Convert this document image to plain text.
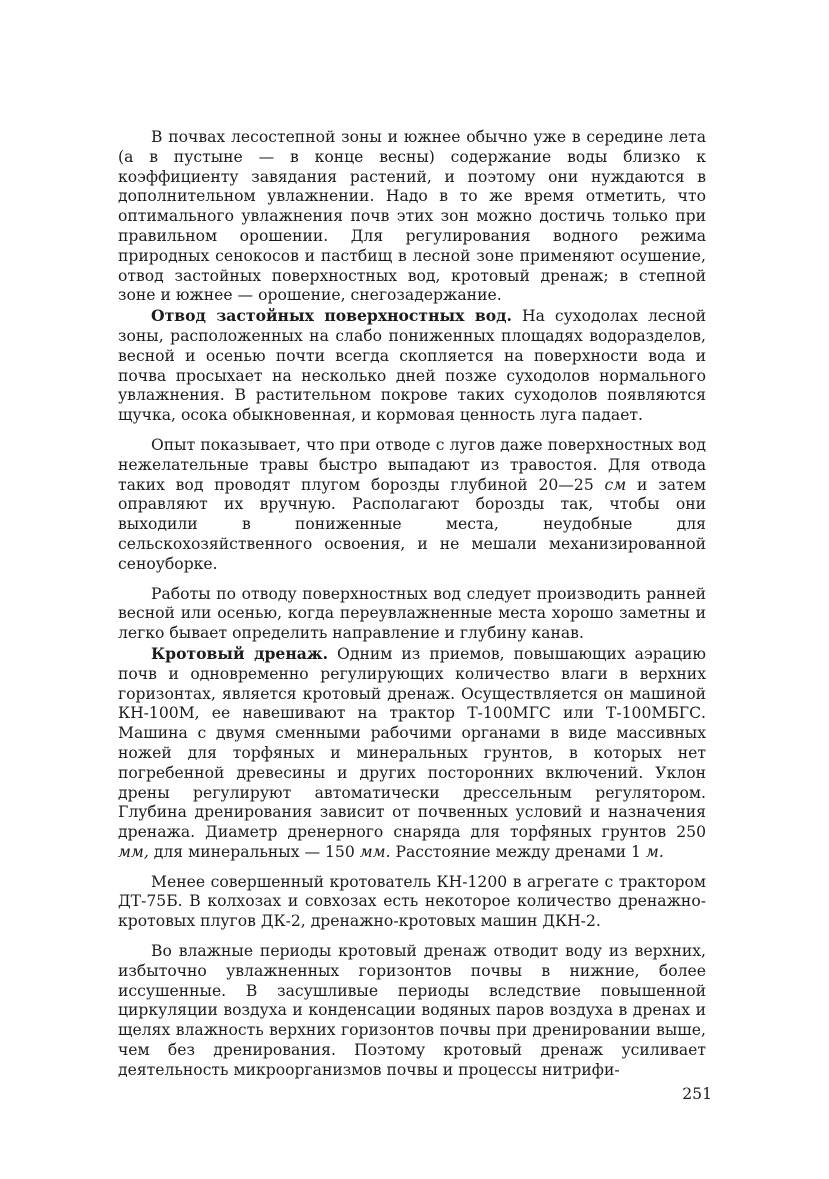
В почвах лесостепной зоны и южнее обычно уже в середине лета (а в пустыне — в конце весны) содержание воды близко к коэффициенту завядания растений, и поэтому они нуждаются в дополнительном увлажнении. Надо в то же время отметить, что оптимального увлажнения почв этих зон можно достичь только при правильном орошении. Для регулирования водного режима природных сенокосов и пастбищ в лесной зоне применяют осушение, отвод застойных поверхностных вод, кротовый дренаж; в степной зоне и южнее — орошение, снегозадержание.

Отвод застойных поверхностных вод. На суходолах лесной зоны, расположенных на слабо пониженных площадях водоразделов, весной и осенью почти всегда скопляется на поверхности вода и почва просыхает на несколько дней позже суходолов нормального увлажнения. В растительном покрове таких суходолов появляются щучка, осока обыкновенная, и кормовая ценность луга падает.

Опыт показывает, что при отводе с лугов даже поверхностных вод нежелательные травы быстро выпадают из травостоя. Для отвода таких вод проводят плугом борозды глубиной 20—25 см и затем оправляют их вручную. Располагают борозды так, чтобы они выходили в пониженные места, неудобные для сельскохозяйственного освоения, и не мешали механизированной сеноуборке.

Работы по отводу поверхностных вод следует производить ранней весной или осенью, когда переувлажненные места хорошо заметны и легко бывает определить направление и глубину канав.

Кротовый дренаж. Одним из приемов, повышающих аэрацию почв и одновременно регулирующих количество влаги в верхних горизонтах, является кротовый дренаж. Осуществляется он машиной КН-100М, ее навешивают на трактор Т-100МГС или Т-100МБГС. Машина с двумя сменными рабочими органами в виде массивных ножей для торфяных и минеральных грунтов, в которых нет погребенной древесины и других посторонних включений. Уклон дрены регулируют автоматически дрессельным регулятором. Глубина дренирования зависит от почвенных условий и назначения дренажа. Диаметр дренерного снаряда для торфяных грунтов 250 мм, для минеральных — 150 мм. Расстояние между дренами 1 м.

Менее совершенный кротователь КН-1200 в агрегате с трактором ДТ-75Б. В колхозах и совхозах есть некоторое количество дренажно-кротовых плугов ДК-2, дренажно-кротовых машин ДКН-2.

Во влажные периоды кротовый дренаж отводит воду из верхних, избыточно увлажненных горизонтов почвы в нижние, более иссушенные. В засушливые периоды вследствие повышенной циркуляции воздуха и конденсации водяных паров воздуха в дренах и щелях влажность верхних горизонтов почвы при дренировании выше, чем без дренирования. Поэтому кротовый дренаж усиливает деятельность микроорганизмов почвы и процессы нитрифи-

251
